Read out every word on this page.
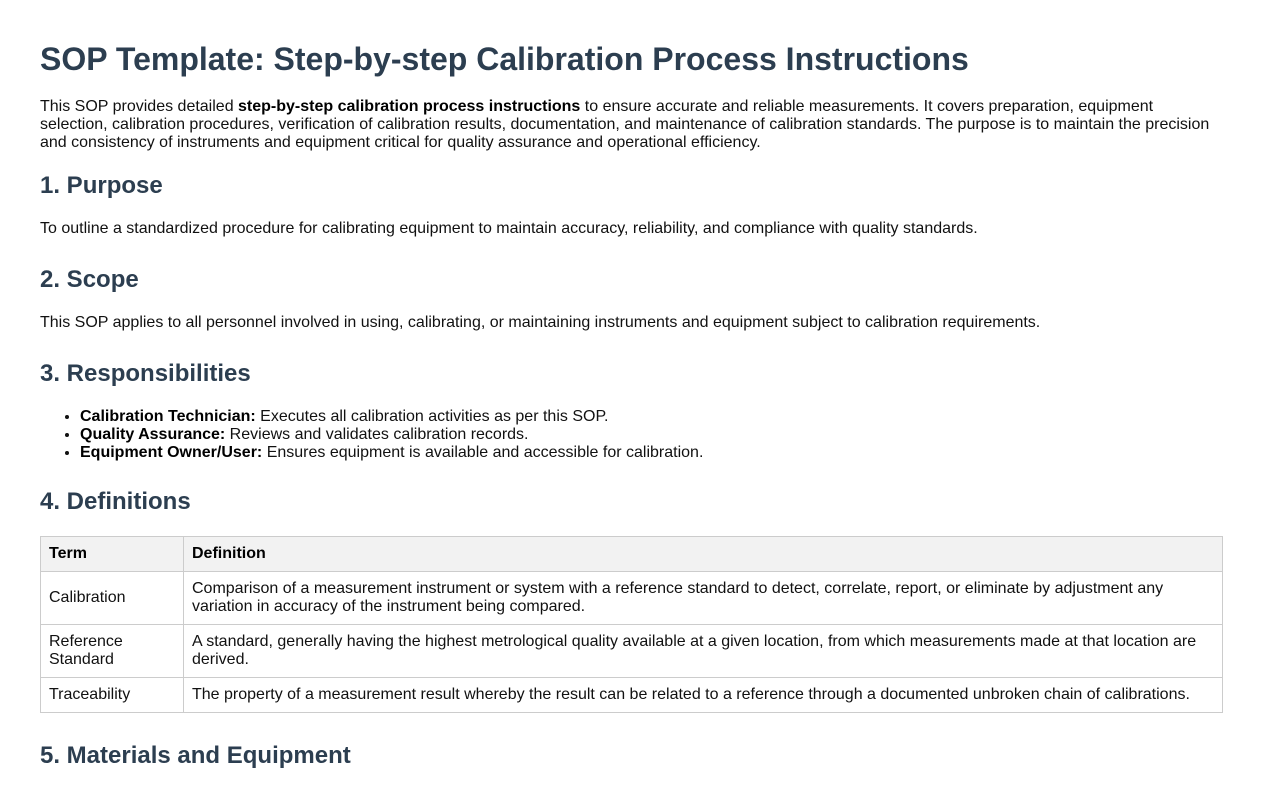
SOP Template: Step-by-step Calibration Process Instructions

This SOP provides detailed step-by-step calibration process instructions to ensure accurate and reliable measurements. It covers preparation, equipment selection, calibration procedures, verification of calibration results, documentation, and maintenance of calibration standards. The purpose is to maintain the precision and consistency of instruments and equipment critical for quality assurance and operational efficiency.

1. Purpose

To outline a standardized procedure for calibrating equipment to maintain accuracy, reliability, and compliance with quality standards.

2. Scope

This SOP applies to all personnel involved in using, calibrating, or maintaining instruments and equipment subject to calibration requirements.

3. Responsibilities
• Calibration Technician: Executes all calibration activities as per this SOP.
• Quality Assurance: Reviews and validates calibration records.
• Equipment Owner/User: Ensures equipment is available and accessible for calibration.
4. Definitions
Term	Definition
Calibration	Comparison of a measurement instrument or system with a reference standard to detect, correlate, report, or eliminate by adjustment any variation in accuracy of the instrument being compared.
Reference Standard	A standard, generally having the highest metrological quality available at a given location, from which measurements made at that location are derived.
Traceability	The property of a measurement result whereby the result can be related to a reference through a documented unbroken chain of calibrations.
5. Materials and Equipment
